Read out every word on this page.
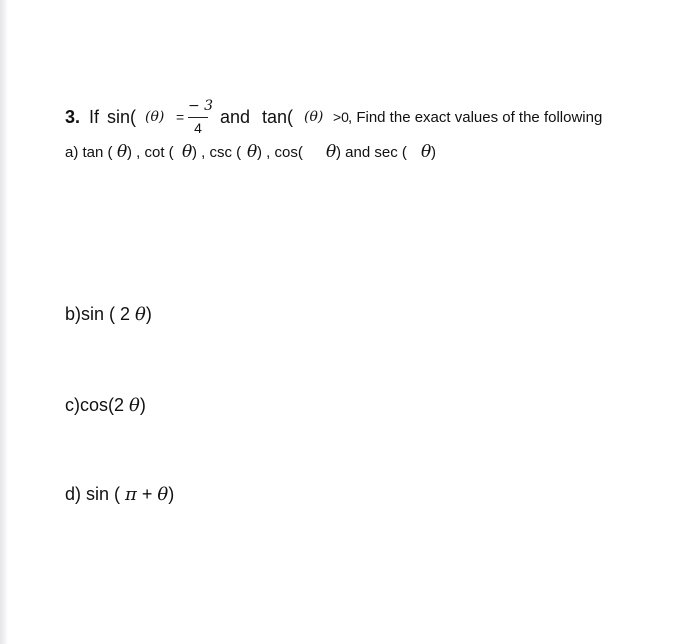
3. If sin( (θ) =
− 3
4
and tan( (θ) >0 , Find the exact values of the following
a) tan ( θ ) , cot ( θ ) , csc ( θ ) , cos( θ ) and sec ( θ )
b)sin ( 2 θ)
c)cos(2 θ)
d) sin ( π + θ)
